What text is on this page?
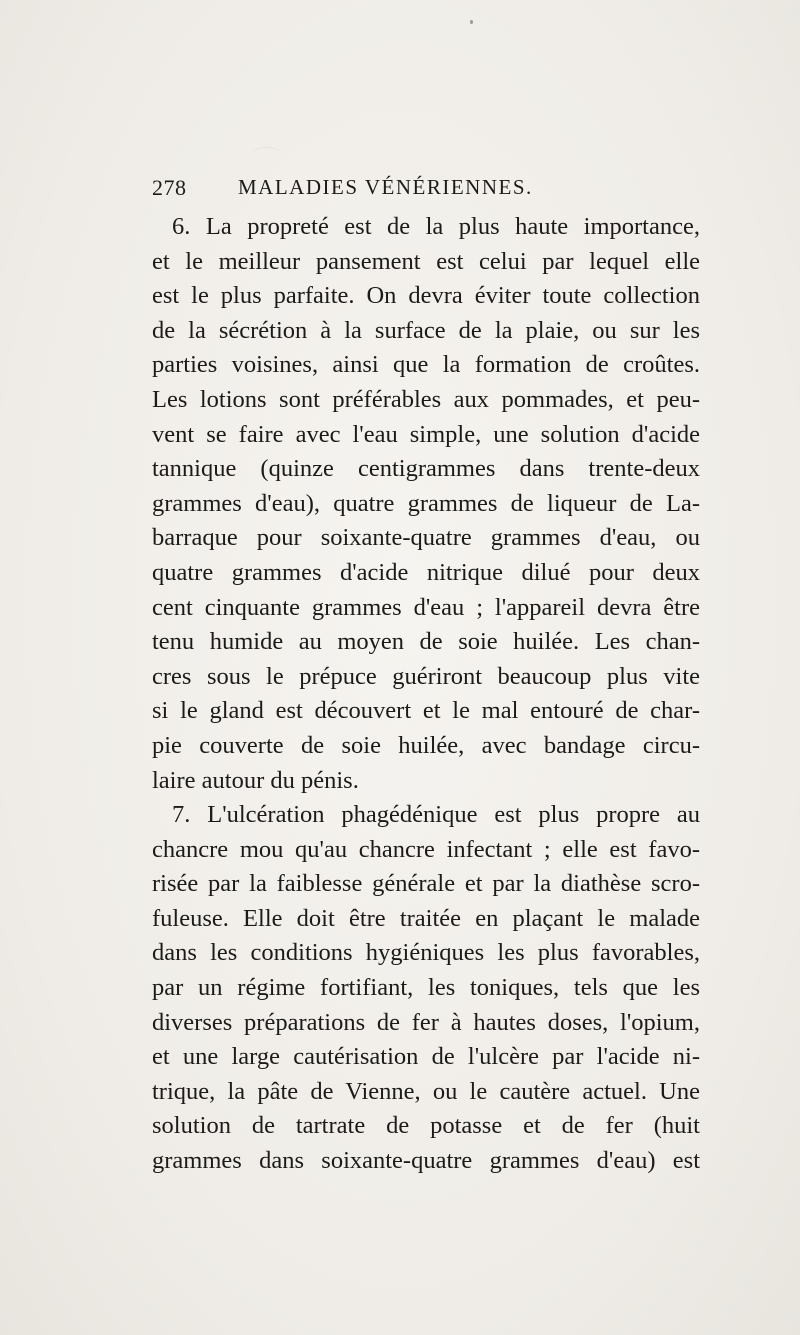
278 MALADIES VÉNÉRIENNES.
6. La propreté est de la plus haute importance,
et le meilleur pansement est celui par lequel elle
est le plus parfaite. On devra éviter toute collection
de la sécrétion à la surface de la plaie, ou sur les
parties voisines, ainsi que la formation de croûtes.
Les lotions sont préférables aux pommades, et peu-
vent se faire avec l'eau simple, une solution d'acide
tannique (quinze centigrammes dans trente-deux
grammes d'eau), quatre grammes de liqueur de La-
barraque pour soixante-quatre grammes d'eau, ou
quatre grammes d'acide nitrique dilué pour deux
cent cinquante grammes d'eau ; l'appareil devra être
tenu humide au moyen de soie huilée. Les chan-
cres sous le prépuce guériront beaucoup plus vite
si le gland est découvert et le mal entouré de char-
pie couverte de soie huilée, avec bandage circu-
laire autour du pénis.
7. L'ulcération phagédénique est plus propre au
chancre mou qu'au chancre infectant ; elle est favo-
risée par la faiblesse générale et par la diathèse scro-
fuleuse. Elle doit être traitée en plaçant le malade
dans les conditions hygiéniques les plus favorables,
par un régime fortifiant, les toniques, tels que les
diverses préparations de fer à hautes doses, l'opium,
et une large cautérisation de l'ulcère par l'acide ni-
trique, la pâte de Vienne, ou le cautère actuel. Une
solution de tartrate de potasse et de fer (huit
grammes dans soixante-quatre grammes d'eau) est
